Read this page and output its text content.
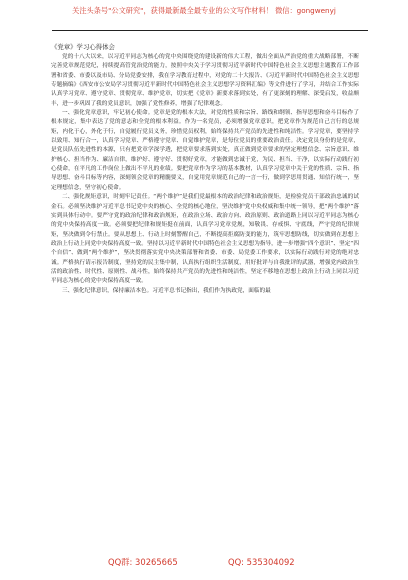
关注头条号"公文研究"，获得最新最全最专业的公文写作材料！ 微信：gongwenyj
《党章》学习心得体会

党的十八大以来，以习近平同志为核心的党中央围绕党的建设新的伟大工程，做出全面从严治党的重大战略部署，不断完善党章规范党纪，持续提高管党治党的能力，按照中央关于学习贯彻习近平新时代中国特色社会主义思想主题教育工作部署和省委、市委以及市局、分局党委安排，我在学习教育过程中，对党的二十大报告、《习近平新时代中国特色社会主义思想专题摘编》《西安市公安局学习贯彻习近平新时代中国特色社会主义思想学习资料汇编》等文件进行了学习，并结合工作实际认真学习党章、遵守党章、贯彻党章、维护党章，切实把《党章》新要求落到实处，有了更深刻的理解、深受启发，收益颇丰，进一步巩固了我的党员意识，加强了党性修养，增强了纪律观念。

一、强化党章意识，牢记初心使命。党章是党的根本大法，对党的性质和宗旨、路线和纲领、指导思想和奋斗目标作了根本规定，集中表达了党的意志和全党的根本利益。作为一名党员，必须增强党章意识，把党章作为规范自己言行的总规矩，内化于心，外化于行，自觉履行党员义务，珍惜党员权利，始终保持共产党员的先进性和纯洁性。学习党章，要坚持学以致用、知行合一，认真学习党章、严格遵守党章、自觉维护党章，是每位党员的重要政治责任。决定党员身份的是党章，是党员队伍先进性的本源，只有把党章学深学透，把党章要求落到实处，真正做到党章要求的坚定理想信念、宗旨意识、维护核心、担当作为、廉洁自律，维护好、遵守好、贯彻好党章，才能做到忠诚于党，为民、担当、干净，以实际行动践行初心使命，在平凡的工作岗位上做出不平凡的业绩。要把党章作为学习的基本教材，认真学习党章中关于党的性质、宗旨、指导思想、奋斗目标等内容，深刻领会党章的精髓要义，自觉用党章规范自己的一言一行，做到学思用贯通、知信行统一，坚定理想信念，坚守初心使命。

二、强化规矩意识，时刻牢记责任。“两个维护”是我们党最根本的政治纪律和政治规矩，是检验党员干部政治忠诚的试金石。必须坚决维护习近平总书记党中央的核心、全党的核心地位，坚决维护党中央权威和集中统一领导，把“两个维护”落实到具体行动中。要严守党的政治纪律和政治规矩，在政治立场、政治方向、政治原则、政治道路上同以习近平同志为核心的党中央保持高度一致。必须要把纪律和规矩挺在前面，认真学习党章党规，知敬畏、存戒惧、守底线，严守党的纪律规矩，坚决做到令行禁止。要从思想上、行动上时刻警醒自己，不断提高拒腐防变的能力，筑牢思想防线，切实做到在思想上政治上行动上同党中央保持高度一致。坚持以习近平新时代中国特色社会主义思想为指导，进一步增强“四个意识”、坚定“四个自信”、做到“两个维护”，坚决贯彻落实党中央决策部署和省委、市委、局党委工作要求，以实际行动践行对党的绝对忠诚。严格执行请示报告制度，坚持党的民主集中制，认真执行组织生活制度，用好批评与自我批评的武器，增强党内政治生活的政治性、时代性、原则性、战斗性，始终保持共产党员的先进性和纯洁性，坚定不移地在思想上政治上行动上同以习近平同志为核心的党中央保持高度一致。

三、强化纪律意识，保持廉洁本色。习近平总书记指出，我们作为执政党，面临的最

QQ群: 30265665	QQ: 535304092
